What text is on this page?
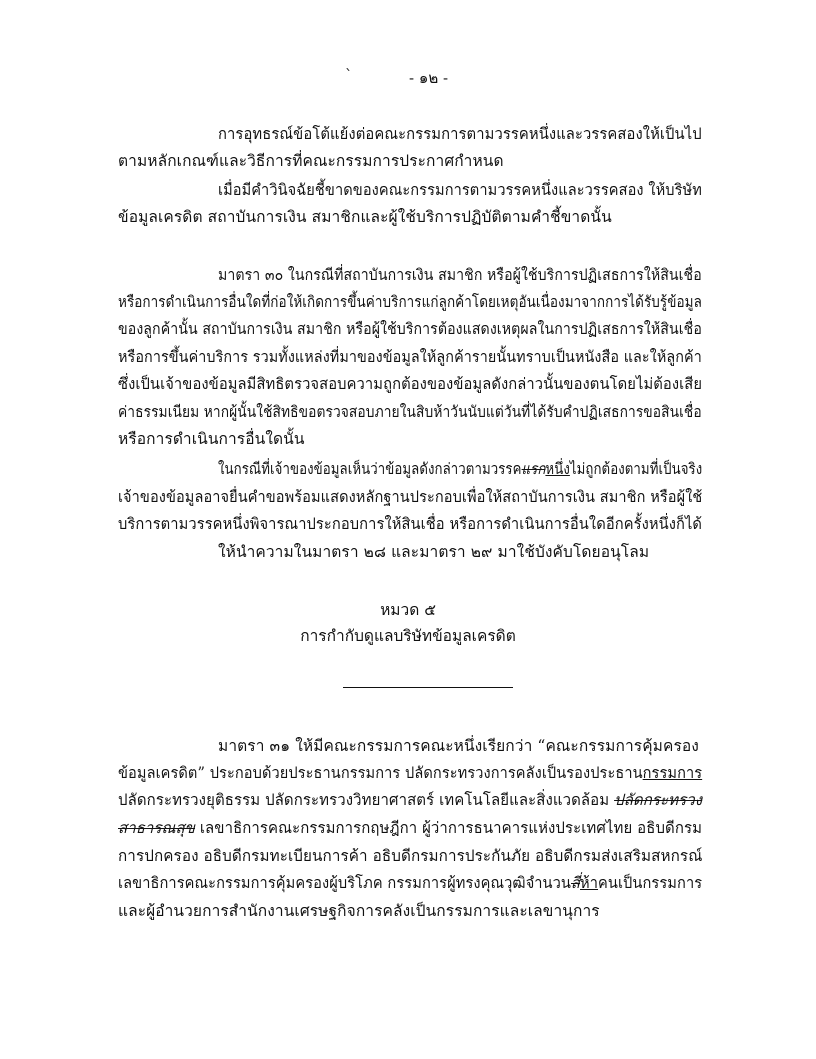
`	- ๑๒ -
การอุทธรณ์ข้อโต้แย้งต่อคณะกรรมการตามวรรคหนึ่งและวรรคสองให้เป็นไป
ตามหลักเกณฑ์และวิธีการที่คณะกรรมการประกาศกำหนด
เมื่อมีคำวินิจฉัยชี้ขาดของคณะกรรมการตามวรรคหนึ่งและวรรคสอง ให้บริษัท
ข้อมูลเครดิต สถาบันการเงิน สมาชิกและผู้ใช้บริการปฏิบัติตามคำชี้ขาดนั้น
มาตรา ๓๐ ในกรณีที่สถาบันการเงิน สมาชิก หรือผู้ใช้บริการปฏิเสธการให้สินเชื่อ
หรือการดำเนินการอื่นใดที่ก่อให้เกิดการขึ้นค่าบริการแก่ลูกค้าโดยเหตุอันเนื่องมาจากการได้รับรู้ข้อมูล
ของลูกค้านั้น สถาบันการเงิน สมาชิก หรือผู้ใช้บริการต้องแสดงเหตุผลในการปฏิเสธการให้สินเชื่อ
หรือการขึ้นค่าบริการ รวมทั้งแหล่งที่มาของข้อมูลให้ลูกค้ารายนั้นทราบเป็นหนังสือ และให้ลูกค้า
ซึ่งเป็นเจ้าของข้อมูลมีสิทธิตรวจสอบความถูกต้องของข้อมูลดังกล่าวนั้นของตนโดยไม่ต้องเสีย
ค่าธรรมเนียม หากผู้นั้นใช้สิทธิขอตรวจสอบภายในสิบห้าวันนับแต่วันที่ได้รับคำปฏิเสธการขอสินเชื่อ
หรือการดำเนินการอื่นใดนั้น
ในกรณีที่เจ้าของข้อมูลเห็นว่าข้อมูลดังกล่าวตามวรรคแรกหนึ่งไม่ถูกต้องตามที่เป็นจริง
เจ้าของข้อมูลอาจยื่นคำขอพร้อมแสดงหลักฐานประกอบเพื่อให้สถาบันการเงิน สมาชิก หรือผู้ใช้
บริการตามวรรคหนึ่งพิจารณาประกอบการให้สินเชื่อ หรือการดำเนินการอื่นใดอีกครั้งหนึ่งก็ได้
ให้นำความในมาตรา ๒๘ และมาตรา ๒๙ มาใช้บังคับโดยอนุโลม
หมวด ๕
การกำกับดูแลบริษัทข้อมูลเครดิต
มาตรา ๓๑ ให้มีคณะกรรมการคณะหนึ่งเรียกว่า “คณะกรรมการคุ้มครอง
ข้อมูลเครดิต” ประกอบด้วยประธานกรรมการ ปลัดกระทรวงการคลังเป็นรองประธานกรรมการ
ปลัดกระทรวงยุติธรรม ปลัดกระทรวงวิทยาศาสตร์ เทคโนโลยีและสิ่งแวดล้อม ปลัดกระทรวง
สาธารณสุข เลขาธิการคณะกรรมการกฤษฎีกา ผู้ว่าการธนาคารแห่งประเทศไทย อธิบดีกรม
การปกครอง อธิบดีกรมทะเบียนการค้า อธิบดีกรมการประกันภัย อธิบดีกรมส่งเสริมสหกรณ์
เลขาธิการคณะกรรมการคุ้มครองผู้บริโภค กรรมการผู้ทรงคุณวุฒิจำนวนสี่ห้าคนเป็นกรรมการ
และผู้อำนวยการสำนักงานเศรษฐกิจการคลังเป็นกรรมการและเลขานุการ
